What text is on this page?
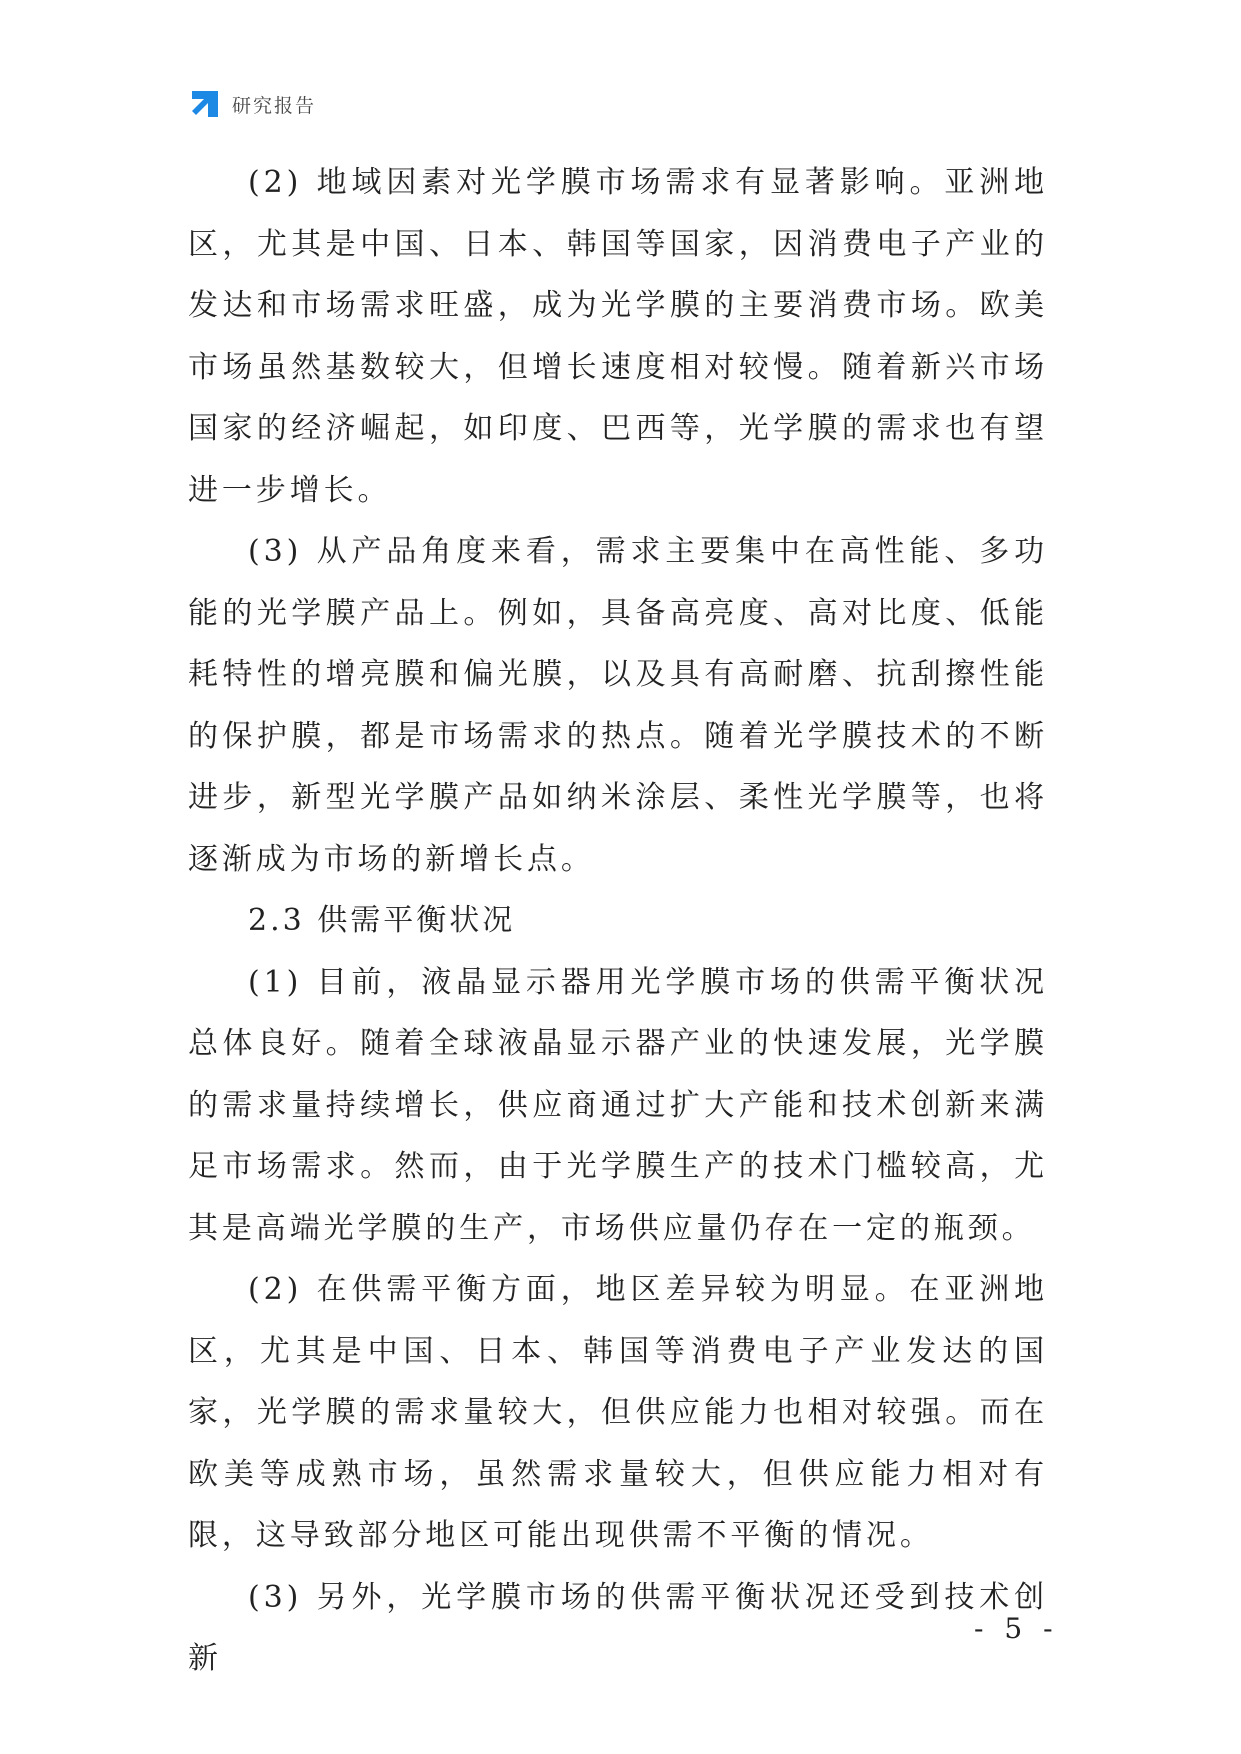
研究报告

(2) 地域因素对光学膜市场需求有显著影响。亚洲地区，尤其是中国、日本、韩国等国家，因消费电子产业的发达和市场需求旺盛，成为光学膜的主要消费市场。欧美市场虽然基数较大，但增长速度相对较慢。随着新兴市场国家的经济崛起，如印度、巴西等，光学膜的需求也有望进一步增长。

(3) 从产品角度来看，需求主要集中在高性能、多功能的光学膜产品上。例如，具备高亮度、高对比度、低能耗特性的增亮膜和偏光膜，以及具有高耐磨、抗刮擦性能的保护膜，都是市场需求的热点。随着光学膜技术的不断进步，新型光学膜产品如纳米涂层、柔性光学膜等，也将逐渐成为市场的新增长点。

2.3 供需平衡状况

(1) 目前，液晶显示器用光学膜市场的供需平衡状况总体良好。随着全球液晶显示器产业的快速发展，光学膜的需求量持续增长，供应商通过扩大产能和技术创新来满足市场需求。然而，由于光学膜生产的技术门槛较高，尤其是高端光学膜的生产，市场供应量仍存在一定的瓶颈。

(2) 在供需平衡方面，地区差异较为明显。在亚洲地区，尤其是中国、日本、韩国等消费电子产业发达的国家，光学膜的需求量较大，但供应能力也相对较强。而在欧美等成熟市场，虽然需求量较大，但供应能力相对有限，这导致部分地区可能出现供需不平衡的情况。

(3) 另外，光学膜市场的供需平衡状况还受到技术创新

- 5 -
